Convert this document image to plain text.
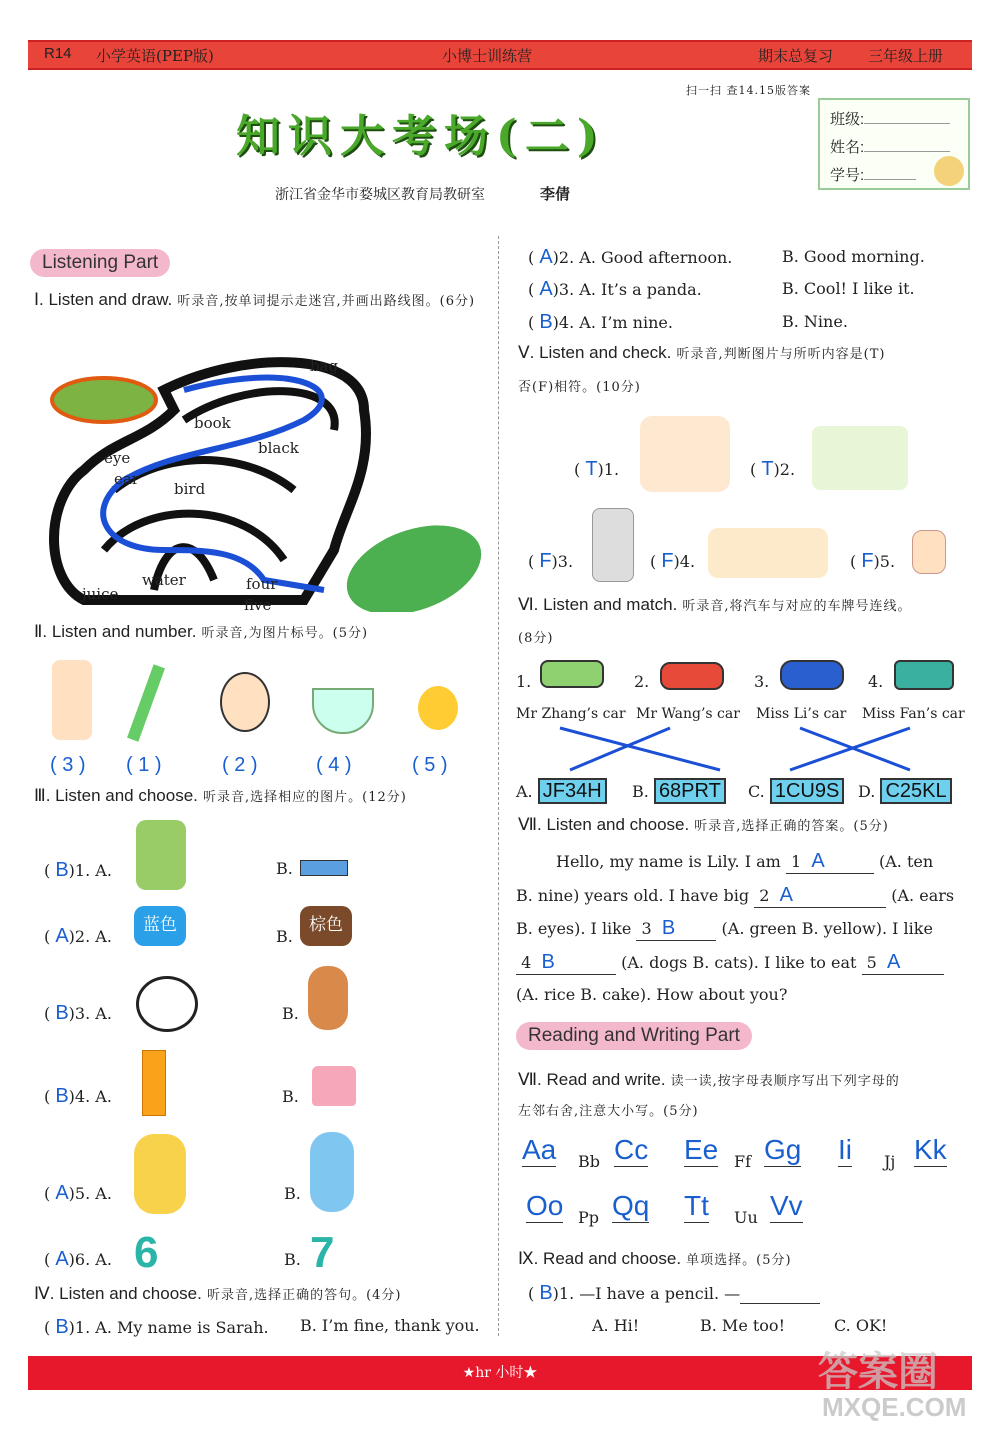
R14 小学英语(PEP版)	小博士训练营	期末总复习 三年级上册
扫一扫 查14.15版答案
知识大考场(二)
浙江省金华市婺城区教育局教研室	李倩
班级:
姓名:
学号:
Listening Part
Ⅰ. Listen and draw. 听录音,按单词提示走迷宫,并画出路线图。(6分)
bag
book
black
eye
ear
bird
water
juice
four
five
Ⅱ. Listen and number. 听录音,为图片标号。(5分)
( 3 ) ( 1 )	( 2 )	( 4 )	( 5 )
Ⅲ. Listen and choose. 听录音,选择相应的图片。(12分)
( B)1. A.	B.
( A)2. A.
蓝色
B.
棕色
( B)3. A.	B.
( B)4. A.	B.
( A)5. A.	B.
( A)6. A. 6	B. 7
Ⅳ. Listen and choose. 听录音,选择正确的答句。(4分)
( B)1. A. My name is Sarah. B. I’m fine, thank you.
( A)2. A. Good afternoon.	B. Good morning.
( A)3. A. It’s a panda.	B. Cool! I like it.
( B)4. A. I’m nine.	B. Nine.
Ⅴ. Listen and check. 听录音,判断图片与所听内容是(T)
否(F)相符。(10分)
( T)1.	( T)2.
( F)3.	( F)4.	( F)5.
Ⅵ. Listen and match. 听录音,将汽车与对应的车牌号连线。
(8分)
1.	2.	3.	4.
Mr Zhang’s car Mr Wang’s car Miss Li’s car Miss Fan’s car
A. JF34H	B. 68PRT	C. 1CU9S	D. C25KL
Ⅶ. Listen and choose. 听录音,选择正确的答案。(5分)
Hello, my name is Lily. I am 1 A	(A. ten
B. nine) years old. I have big 2 A	(A. ears
B. eyes). I like 3 B	(A. green B. yellow). I like
4 B	(A. dogs B. cats). I like to eat 5 A
(A. rice B. cake). How about you?
Reading and Writing Part
Ⅶ. Read and write. 读一读,按字母表顺序写出下列字母的
左邻右舍,注意大小写。(5分)
Aa Bb Cc Ee Ff Gg Ii Jj Kk
Oo Pp Qq Tt Uu Vv
Ⅸ. Read and choose. 单项选择。(5分)
( B)1. —I have a pencil. —
A. Hi!	B. Me too!	C. OK!
★hr 小时★	答案圈
MXQE.COM
